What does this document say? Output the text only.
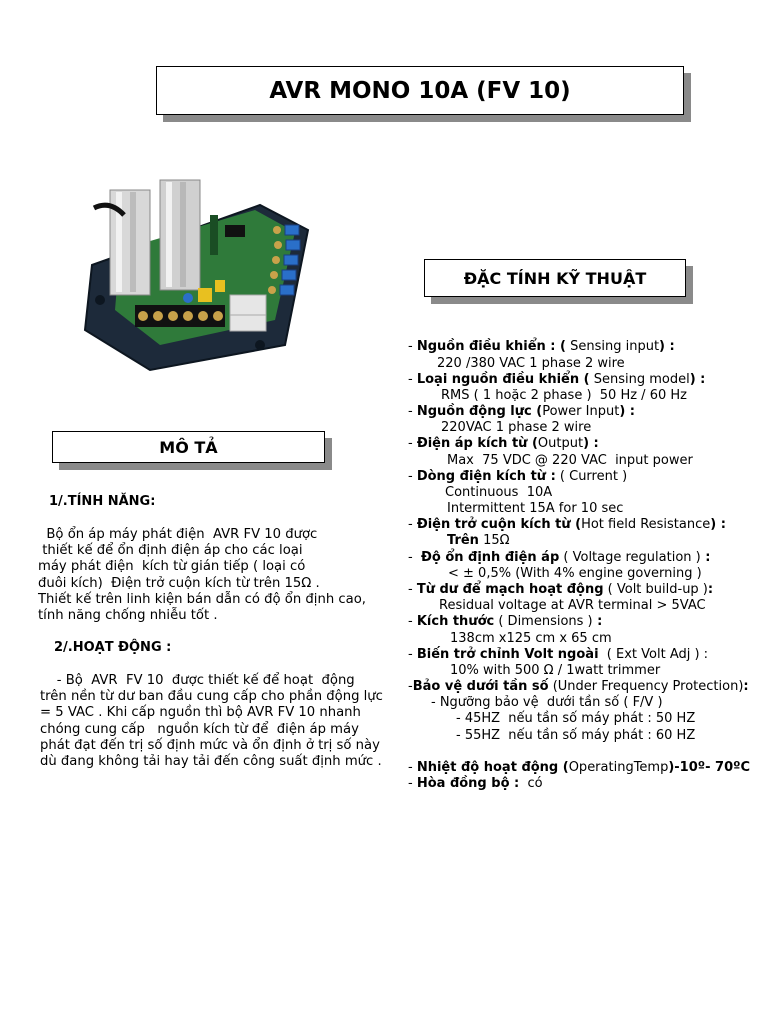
AVR MONO 10A (FV 10)
ĐẶC TÍNH KỸ THUẬT
MÔ TẢ
1/.TÍNH NĂNG:
Bộ ổn áp máy phát điện  AVR FV 10 được
thiết kế để ổn định điện áp cho các loại
máy phát điện  kích từ gián tiếp ( loại có
đuôi kích)  Điện trở cuộn kích từ trên 15Ω .
Thiết kế trên linh kiện bán dẫn có độ ổn định cao,
tính năng chống nhiễu tốt .
2/.HOẠT ĐỘNG :
- Bộ  AVR  FV 10  được thiết kế để hoạt  động
trên nền từ dư ban đầu cung cấp cho phần động lực
= 5 VAC . Khi cấp nguồn thì bộ AVR FV 10 nhanh
chóng cung cấp   nguồn kích từ để  điện áp máy
phát đạt đến trị số định mức và ổn định ở trị số này
dù đang không tải hay tải đến công suất định mức .
- Nguồn điều khiển : ( Sensing input) :
220 /380 VAC 1 phase 2 wire
- Loại nguồn điều khiển ( Sensing model) :
RMS ( 1 hoặc 2 phase )  50 Hz / 60 Hz
- Nguồn động lực (Power Input) :
220VAC 1 phase 2 wire
- Điện áp kích từ (Output) :
Max  75 VDC @ 220 VAC  input power
- Dòng điện kích từ : ( Current )
Continuous  10A
Intermittent 15A for 10 sec
- Điện trở cuộn kích từ (Hot field Resistance) :
Trên 15Ω
-  Độ ổn định điện áp ( Voltage regulation ) :
< ± 0,5% (With 4% engine governing )
- Từ dư để mạch hoạt động ( Volt build-up ):
Residual voltage at AVR terminal > 5VAC
- Kích thước ( Dimensions ) :
138cm x125 cm x 65 cm
- Biến trở chỉnh Volt ngoài  ( Ext Volt Adj ) :
10% with 500 Ω / 1watt trimmer
-Bảo vệ dưới tần số (Under Frequency Protection):
- Ngưỡng bảo vệ  dưới tần số ( F/V )
- 45HZ  nếu tần số máy phát : 50 HZ
- 55HZ  nếu tần số máy phát : 60 HZ
- Nhiệt độ hoạt động (OperatingTemp)-10º- 70ºC
- Hòa đồng bộ :  có
